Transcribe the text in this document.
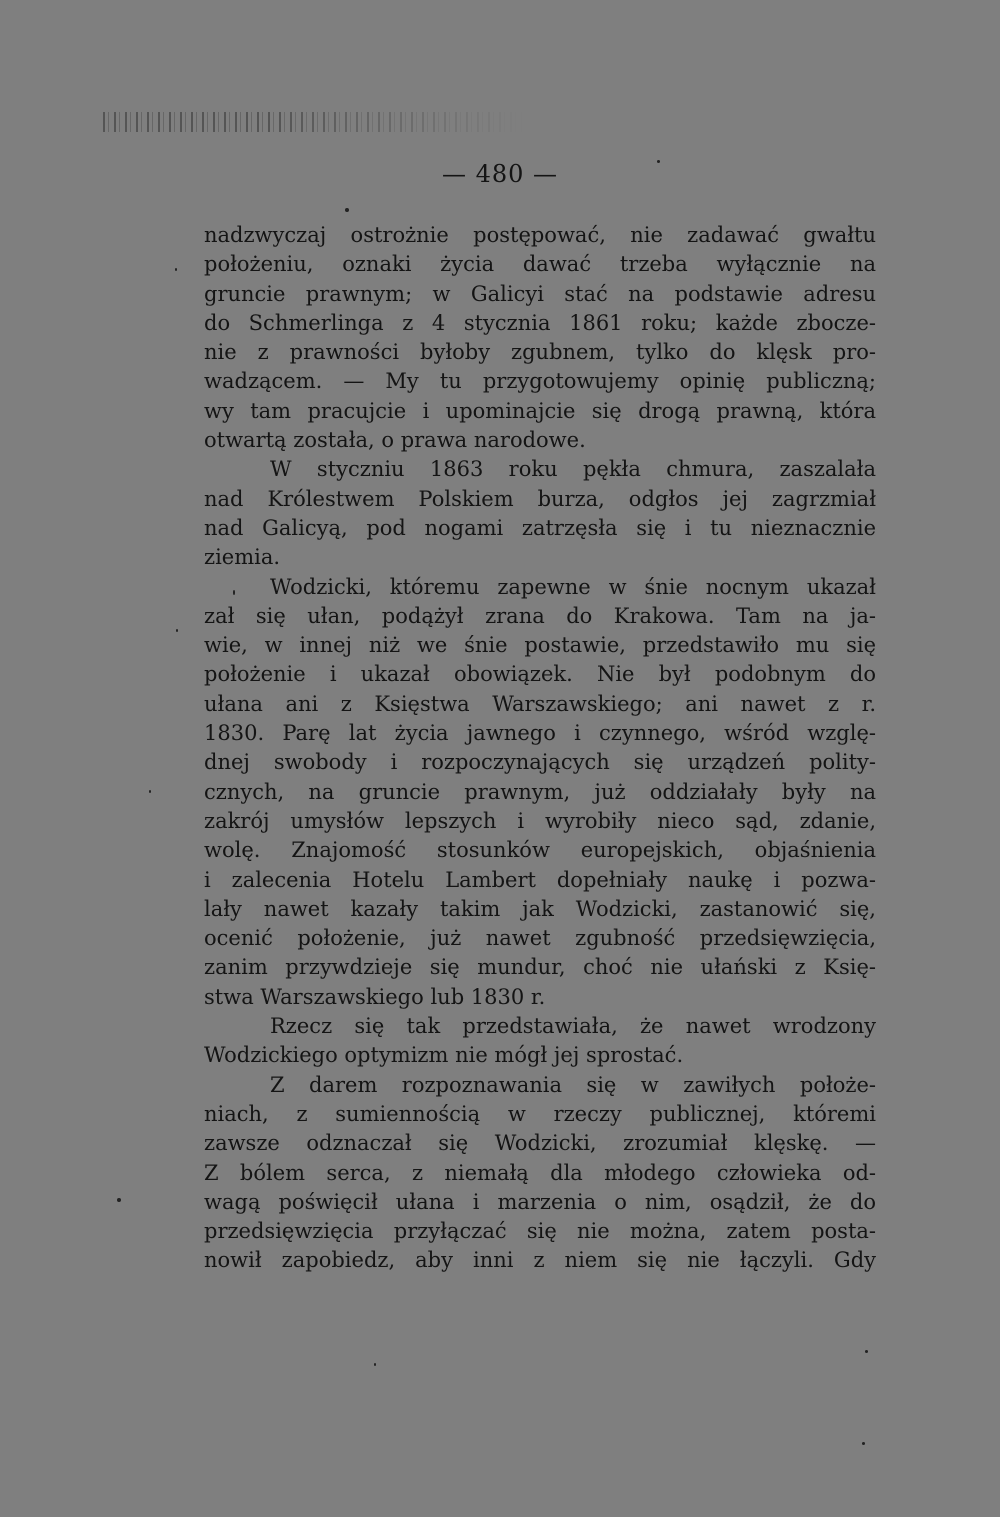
— 480 —
nadzwyczaj ostrożnie postępować, nie zadawać gwałtu
położeniu, oznaki życia dawać trzeba wyłącznie na
gruncie prawnym; w Galicyi stać na podstawie adresu
do Schmerlinga z 4 stycznia 1861 roku; każde zbocze-
nie z prawności byłoby zgubnem, tylko do klęsk pro-
wadzącem. — My tu przygotowujemy opinię publiczną;
wy tam pracujcie i upominajcie się drogą prawną, która
otwartą została, o prawa narodowe.
W styczniu 1863 roku pękła chmura, zaszalała
nad Królestwem Polskiem burza, odgłos jej zagrzmiał
nad Galicyą, pod nogami zatrzęsła się i tu nieznacznie
ziemia.
Wodzicki, któremu zapewne w śnie nocnym ukazał
zał się ułan, podążył zrana do Krakowa. Tam na ja-
wie, w innej niż we śnie postawie, przedstawiło mu się
położenie i ukazał obowiązek. Nie był podobnym do
ułana ani z Księstwa Warszawskiego; ani nawet z r.
1830. Parę lat życia jawnego i czynnego, wśród wzglę-
dnej swobody i rozpoczynających się urządzeń polity-
cznych, na gruncie prawnym, już oddziałały były na
zakrój umysłów lepszych i wyrobiły nieco sąd, zdanie,
wolę. Znajomość stosunków europejskich, objaśnienia
i zalecenia Hotelu Lambert dopełniały naukę i pozwa-
lały nawet kazały takim jak Wodzicki, zastanowić się,
ocenić położenie, już nawet zgubność przedsięwzięcia,
zanim przywdzieje się mundur, choć nie ułański z Księ-
stwa Warszawskiego lub 1830 r.
Rzecz się tak przedstawiała, że nawet wrodzony
Wodzickiego optymizm nie mógł jej sprostać.
Z darem rozpoznawania się w zawiłych położe-
niach, z sumiennością w rzeczy publicznej, któremi
zawsze odznaczał się Wodzicki, zrozumiał klęskę. —
Z bólem serca, z niemałą dla młodego człowieka od-
wagą poświęcił ułana i marzenia o nim, osądził, że do
przedsięwzięcia przyłączać się nie można, zatem posta-
nowił zapobiedz, aby inni z niem się nie łączyli. Gdy
